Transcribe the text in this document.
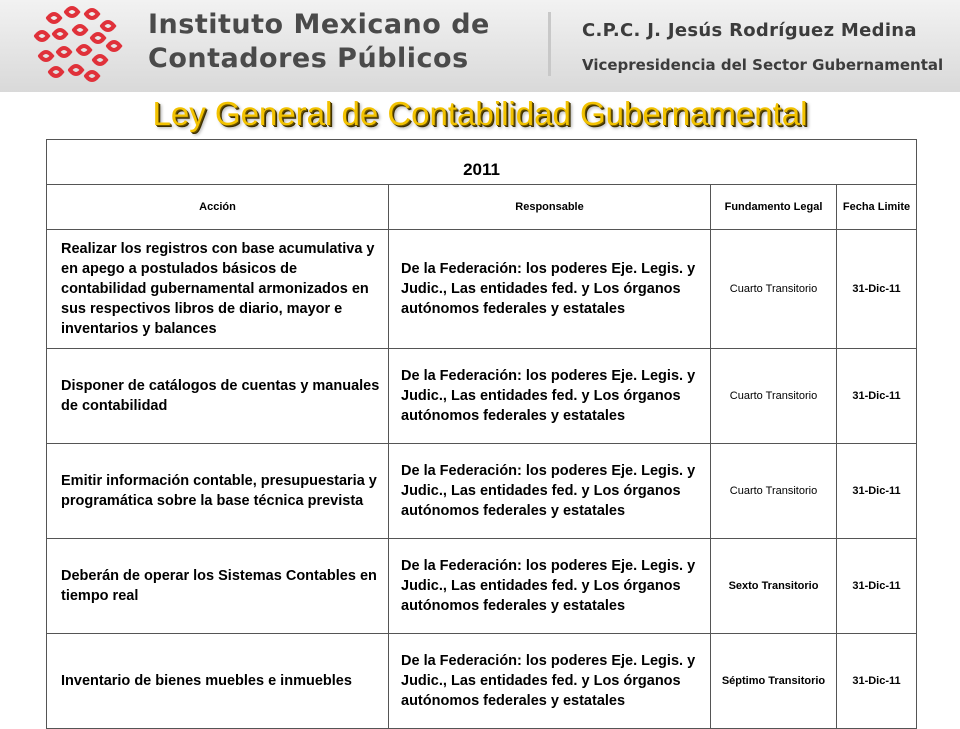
Instituto Mexicano de
Contadores Públicos
C.P.C. J. Jesús Rodríguez Medina
Vicepresidencia del Sector Gubernamental
Ley General de Contabilidad Gubernamental
2011			
Acción	Responsable	Fundamento Legal	Fecha Limite
Realizar los registros con base acumulativa y en apego a postulados básicos de contabilidad gubernamental armonizados en sus respectivos libros de diario, mayor e inventarios y balances	De la Federación: los poderes Eje. Legis. y Judic., Las entidades fed. y Los órganos autónomos federales y estatales	Cuarto Transitorio	31-Dic-11
Disponer de catálogos de cuentas y manuales de contabilidad	De la Federación: los poderes Eje. Legis. y Judic., Las entidades fed. y Los órganos autónomos federales y estatales	Cuarto Transitorio	31-Dic-11
Emitir información contable, presupuestaria y programática sobre la base técnica prevista	De la Federación: los poderes Eje. Legis. y Judic., Las entidades fed. y Los órganos autónomos federales y estatales	Cuarto Transitorio	31-Dic-11
Deberán de operar los Sistemas Contables en tiempo real	De la Federación: los poderes Eje. Legis. y Judic., Las entidades fed. y Los órganos autónomos federales y estatales	Sexto Transitorio	31-Dic-11
Inventario de bienes muebles e inmuebles	De la Federación: los poderes Eje. Legis. y Judic., Las entidades fed. y Los órganos autónomos federales y estatales	Séptimo Transitorio	31-Dic-11
